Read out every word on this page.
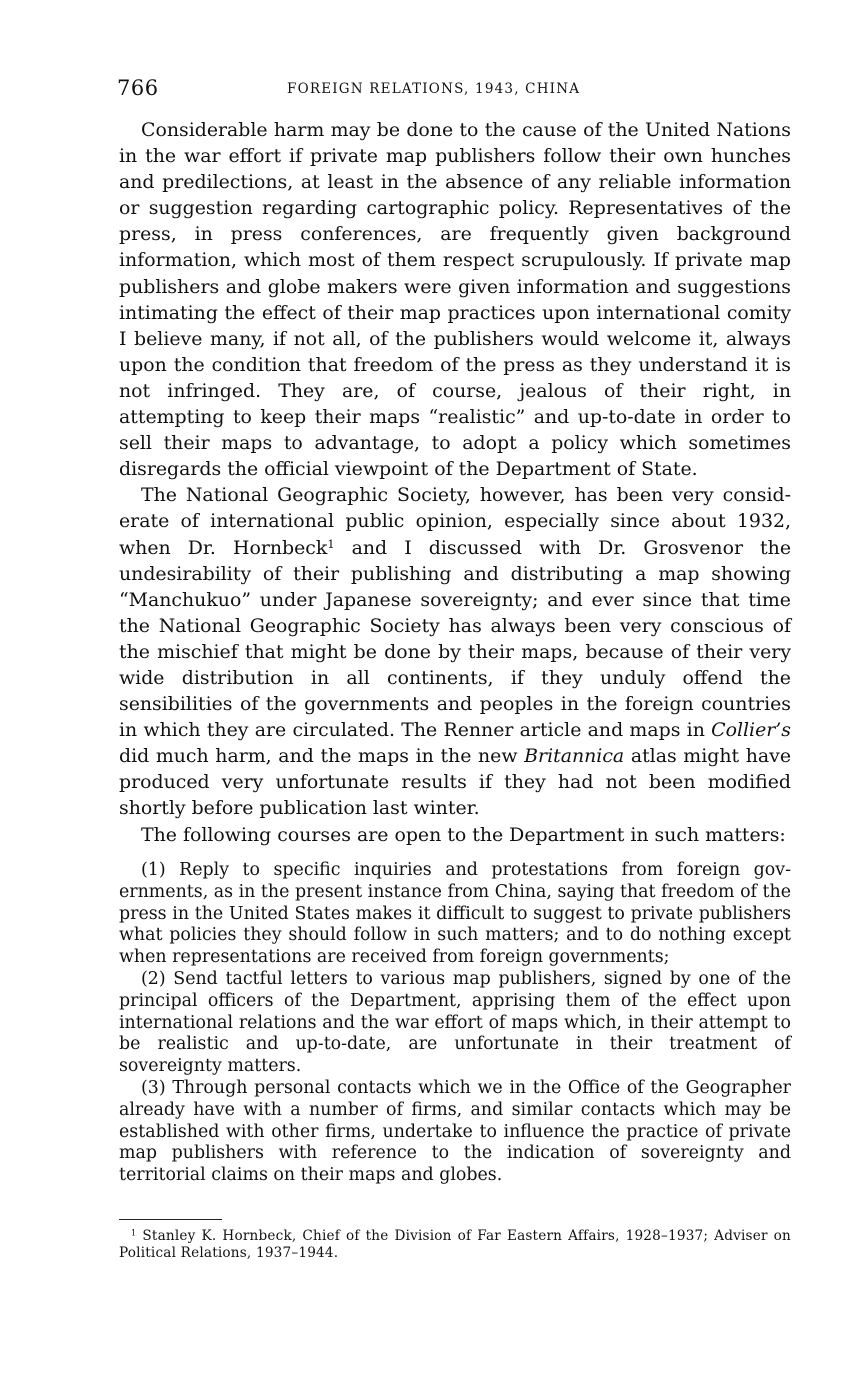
766	FOREIGN RELATIONS, 1943, CHINA

Considerable harm may be done to the cause of the United Nations in the war effort if private map publishers follow their own hunches and predilections, at least in the absence of any reliable information or suggestion regarding cartographic policy. Representatives of the press, in press conferences, are frequently given background information, which most of them respect scrupulously. If private map publishers and globe makers were given information and suggestions intimating the effect of their map practices upon international comity I believe many, if not all, of the publishers would welcome it, always upon the condition that freedom of the press as they understand it is not infringed. They are, of course, jealous of their right, in attempting to keep their maps “realistic” and up-to-date in order to sell their maps to advantage, to adopt a policy which sometimes disregards the official viewpoint of the Department of State.

The National Geographic Society, however, has been very considerate of international public opinion, especially since about 1932, when Dr. Hornbeck$^1$ and I discussed with Dr. Grosvenor the undesirability of their publishing and distributing a map showing “Manchukuo” under Japanese sovereignty; and ever since that time the National Geographic Society has always been very conscious of the mischief that might be done by their maps, because of their very wide distribution in all continents, if they unduly offend the sensibilities of the governments and peoples in the foreign countries in which they are circulated. The Renner article and maps in Collier’s did much harm, and the maps in the new Britannica atlas might have produced very unfortunate results if they had not been modified shortly before publication last winter.

The following courses are open to the Department in such matters:

(1) Reply to specific inquiries and protestations from foreign governments, as in the present instance from China, saying that freedom of the press in the United States makes it difficult to suggest to private publishers what policies they should follow in such matters; and to do nothing except when representations are received from foreign governments;

(2) Send tactful letters to various map publishers, signed by one of the principal officers of the Department, apprising them of the effect upon international relations and the war effort of maps which, in their attempt to be realistic and up-to-date, are unfortunate in their treatment of sovereignty matters.

(3) Through personal contacts which we in the Office of the Geographer already have with a number of firms, and similar contacts which may be established with other firms, undertake to influence the practice of private map publishers with reference to the indication of sovereignty and territorial claims on their maps and globes.

$^1$ Stanley K. Hornbeck, Chief of the Division of Far Eastern Affairs, 1928–1937; Adviser on Political Relations, 1937–1944.
